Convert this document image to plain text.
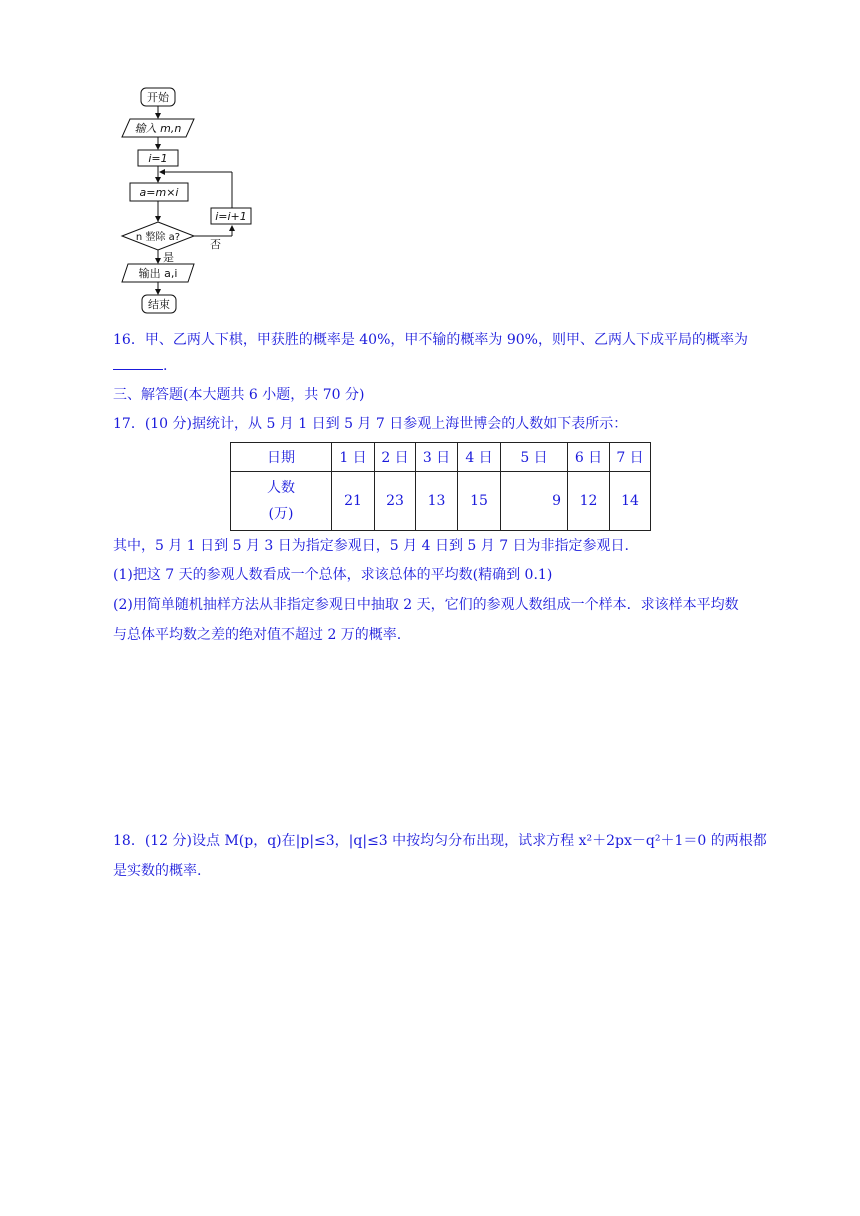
开始
输入 m,n
i=1
a=m×i
n 整除 a?
i=i+1
否
是
输出 a,i
结束
16．甲、乙两人下棋，甲获胜的概率是 40%，甲不输的概率为 90%，则甲、乙两人下成平局的概率为
.
三、解答题(本大题共 6 小题，共 70 分)
17．(10 分)据统计，从 5 月 1 日到 5 月 7 日参观上海世博会的人数如下表所示：
日期	1 日	2 日	3 日	4 日	5 日	6 日	7 日

人数
(万)	21	23	13	15	9	12	14
其中，5 月 1 日到 5 月 3 日为指定参观日，5 月 4 日到 5 月 7 日为非指定参观日.
(1)把这 7 天的参观人数看成一个总体，求该总体的平均数(精确到 0.1)
(2)用简单随机抽样方法从非指定参观日中抽取 2 天，它们的参观人数组成一个样本．求该样本平均数
与总体平均数之差的绝对值不超过 2 万的概率.
18．(12 分)设点 M(p，q)在|p|≤3，|q|≤3 中按均匀分布出现，试求方程 x²＋2px－q²＋1＝0 的两根都
是实数的概率.
